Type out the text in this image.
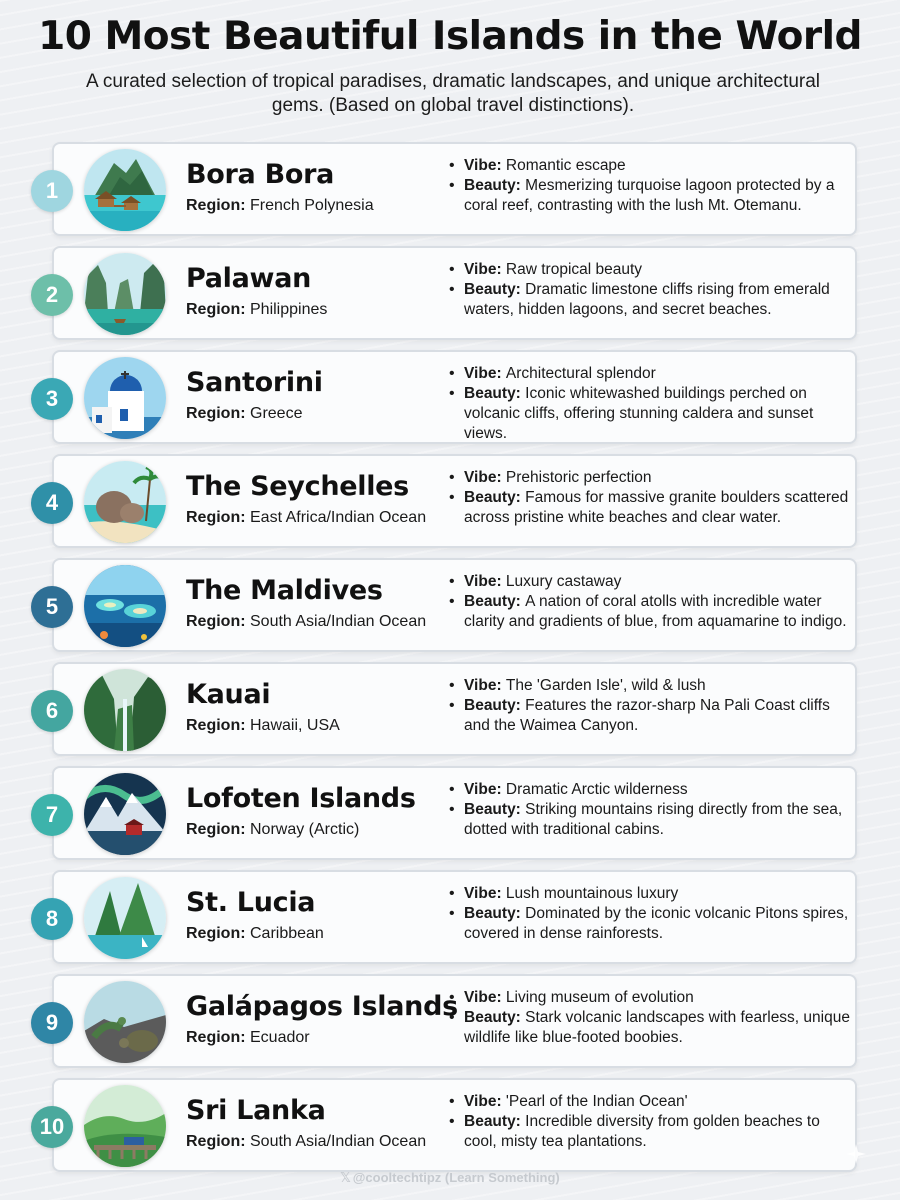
10 Most Beautiful Islands in the World
A curated selection of tropical paradises, dramatic landscapes, and unique architectural gems. (Based on global travel distinctions).
1
Bora Bora
Region: French Polynesia
• Vibe: Romantic escape
• Beauty: Mesmerizing turquoise lagoon protected by a coral reef, contrasting with the lush Mt. Otemanu.
2
Palawan
Region: Philippines
• Vibe: Raw tropical beauty
• Beauty: Dramatic limestone cliffs rising from emerald waters, hidden lagoons, and secret beaches.
3
Santorini
Region: Greece
• Vibe: Architectural splendor
• Beauty: Iconic whitewashed buildings perched on volcanic cliffs, offering stunning caldera and sunset views.
4
The Seychelles
Region: East Africa/Indian Ocean
• Vibe: Prehistoric perfection
• Beauty: Famous for massive granite boulders scattered across pristine white beaches and clear water.
5
The Maldives
Region: South Asia/Indian Ocean
• Vibe: Luxury castaway
• Beauty: A nation of coral atolls with incredible water clarity and gradients of blue, from aquamarine to indigo.
6
Kauai
Region: Hawaii, USA
• Vibe: The 'Garden Isle', wild & lush
• Beauty: Features the razor-sharp Na Pali Coast cliffs and the Waimea Canyon.
7
Lofoten Islands
Region: Norway (Arctic)
• Vibe: Dramatic Arctic wilderness
• Beauty: Striking mountains rising directly from the sea, dotted with traditional cabins.
8
St. Lucia
Region: Caribbean
• Vibe: Lush mountainous luxury
• Beauty: Dominated by the iconic volcanic Pitons spires, covered in dense rainforests.
9
Galápagos Islands
Region: Ecuador
• Vibe: Living museum of evolution
• Beauty: Stark volcanic landscapes with fearless, unique wildlife like blue-footed boobies.
10
Sri Lanka
Region: South Asia/Indian Ocean
• Vibe: 'Pearl of the Indian Ocean'
• Beauty: Incredible diversity from golden beaches to cool, misty tea plantations.
𝕏 @cooltechtipz (Learn Something)
